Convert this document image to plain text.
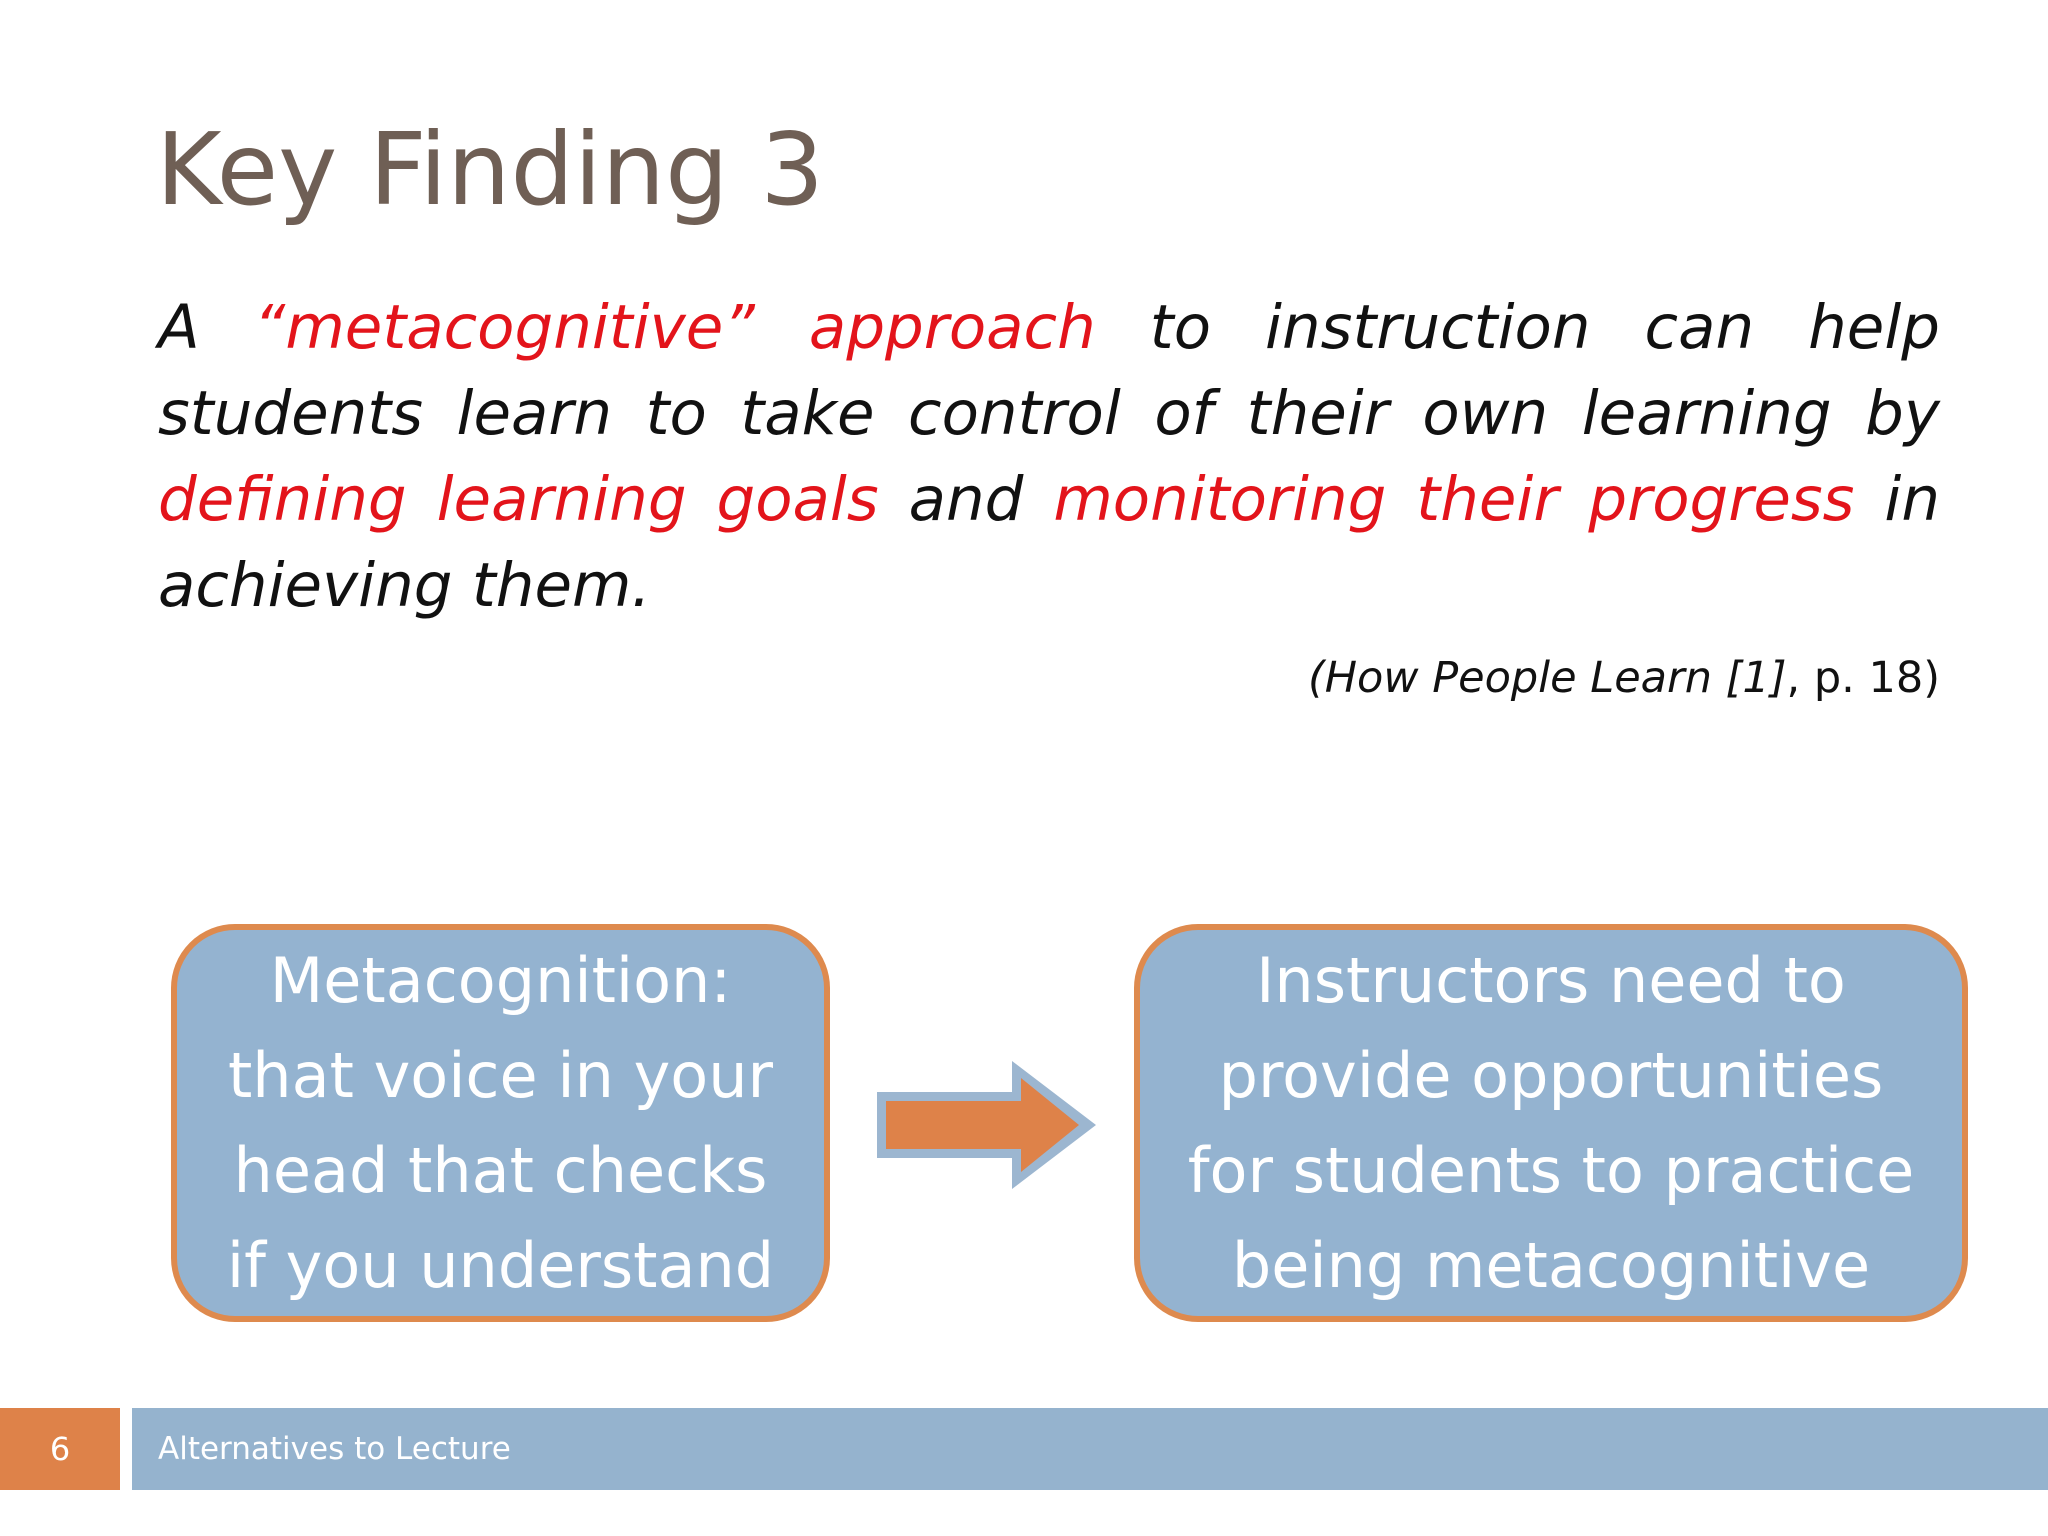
Key Finding 3

A “metacognitive” approach to instruction can help students learn to take control of their own learning by defining learning goals and monitoring their progress in achieving them.

(How People Learn [1], p. 18)
Metacognition:
that voice in your
head that checks
if you understand
Instructors need to
provide opportunities
for students to practice
being metacognitive
6	Alternatives to Lecture
